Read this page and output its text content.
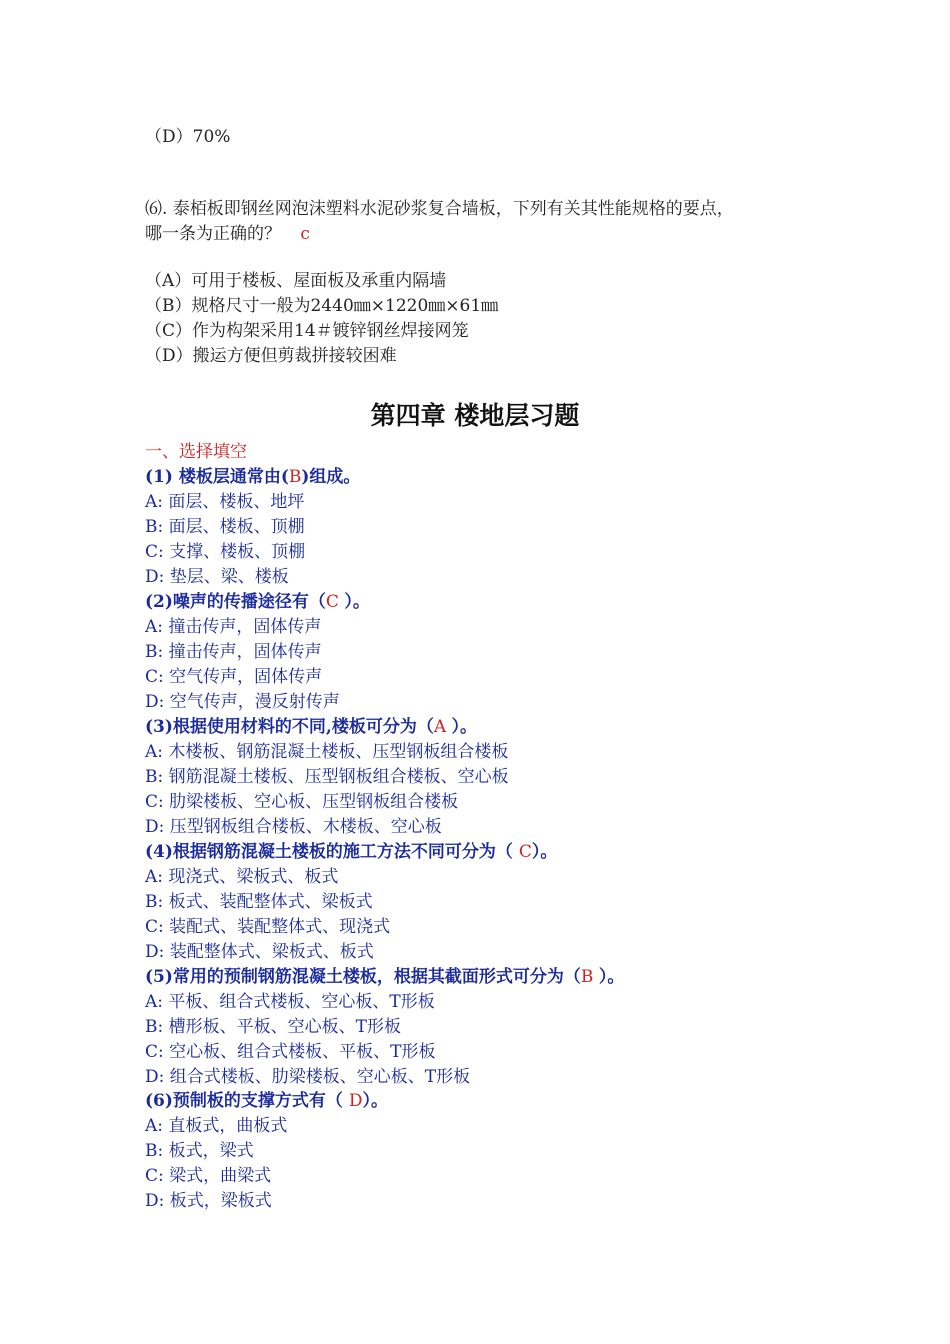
（D）70%
⑹. 泰栢板即钢丝网泡沫塑料水泥砂浆复合墙板，下列有关其性能规格的要点，
哪一条为正确的？ c
（A）可用于楼板、屋面板及承重内隔墙
（B）规格尺寸一般为2440㎜×1220㎜×61㎜
（C）作为构架采用14＃镀锌钢丝焊接网笼
（D）搬运方便但剪裁拼接较困难
第四章 楼地层习题
一、选择填空
(1) 楼板层通常由(B)组成。
A: 面层、楼板、地坪
B: 面层、楼板、顶棚
C: 支撑、楼板、顶棚
D: 垫层、梁、楼板
(2)噪声的传播途径有（C ）。
A: 撞击传声，固体传声
B: 撞击传声，固体传声
C: 空气传声，固体传声
D: 空气传声，漫反射传声
(3)根据使用材料的不同,楼板可分为（A ）。
A: 木楼板、钢筋混凝土楼板、压型钢板组合楼板
B: 钢筋混凝土楼板、压型钢板组合楼板、空心板
C: 肋梁楼板、空心板、压型钢板组合楼板
D: 压型钢板组合楼板、木楼板、空心板
(4)根据钢筋混凝土楼板的施工方法不同可分为（ C）。
A: 现浇式、梁板式、板式
B: 板式、装配整体式、梁板式
C: 装配式、装配整体式、现浇式
D: 装配整体式、梁板式、板式
(5)常用的预制钢筋混凝土楼板，根据其截面形式可分为（B ）。
A: 平板、组合式楼板、空心板、T形板
B: 槽形板、平板、空心板、T形板
C: 空心板、组合式楼板、平板、T形板
D: 组合式楼板、肋梁楼板、空心板、T形板
(6)预制板的支撑方式有（ D）。
A: 直板式，曲板式
B: 板式，梁式
C: 梁式，曲梁式
D: 板式，梁板式
